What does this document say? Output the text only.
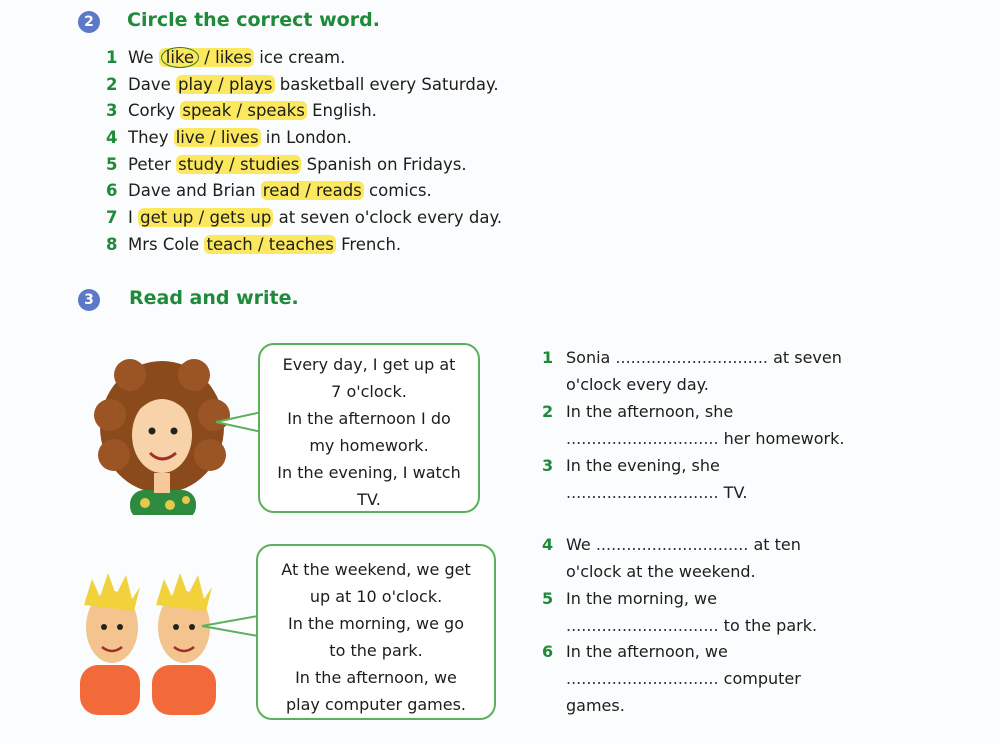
2	Circle the correct word.
1 We like / likes ice cream.
2 Dave play / plays basketball every Saturday.
3 Corky speak / speaks English.
4 They live / lives in London.
5 Peter study / studies Spanish on Fridays.
6 Dave and Brian read / reads comics.
7 I get up / gets up at seven o'clock every day.
8 Mrs Cole teach / teaches French.
3	Read and write.
Every day, I get up at
7 o'clock.
In the afternoon I do
my homework.
In the evening, I watch
TV.
At the weekend, we get
up at 10 o'clock.
In the morning, we go
to the park.
In the afternoon, we
play computer games.
1 Sonia .............................. at seven
o'clock every day.
2 In the afternoon, she
.............................. her homework.
3 In the evening, she
.............................. TV.
4 We .............................. at ten
o'clock at the weekend.
5 In the morning, we
.............................. to the park.
6 In the afternoon, we
.............................. computer
games.
